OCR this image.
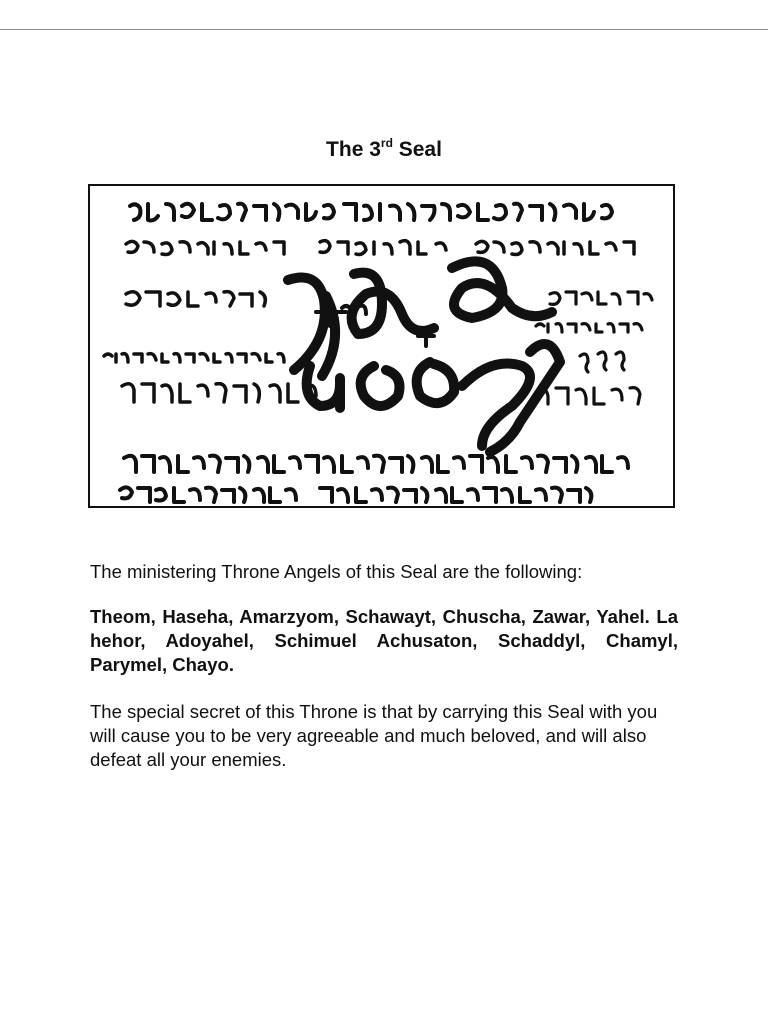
The 3rd Seal

The ministering Throne Angels of this Seal are the following:

Theom, Haseha, Amarzyom, Schawayt, Chuscha, Zawar, Yahel. La hehor, Adoyahel, Schimuel Achusaton, Schaddyl, Chamyl, Parymel, Chayo.

The special secret of this Throne is that by carrying this Seal with you will cause you to be very agreeable and much beloved, and will also defeat all your enemies.
